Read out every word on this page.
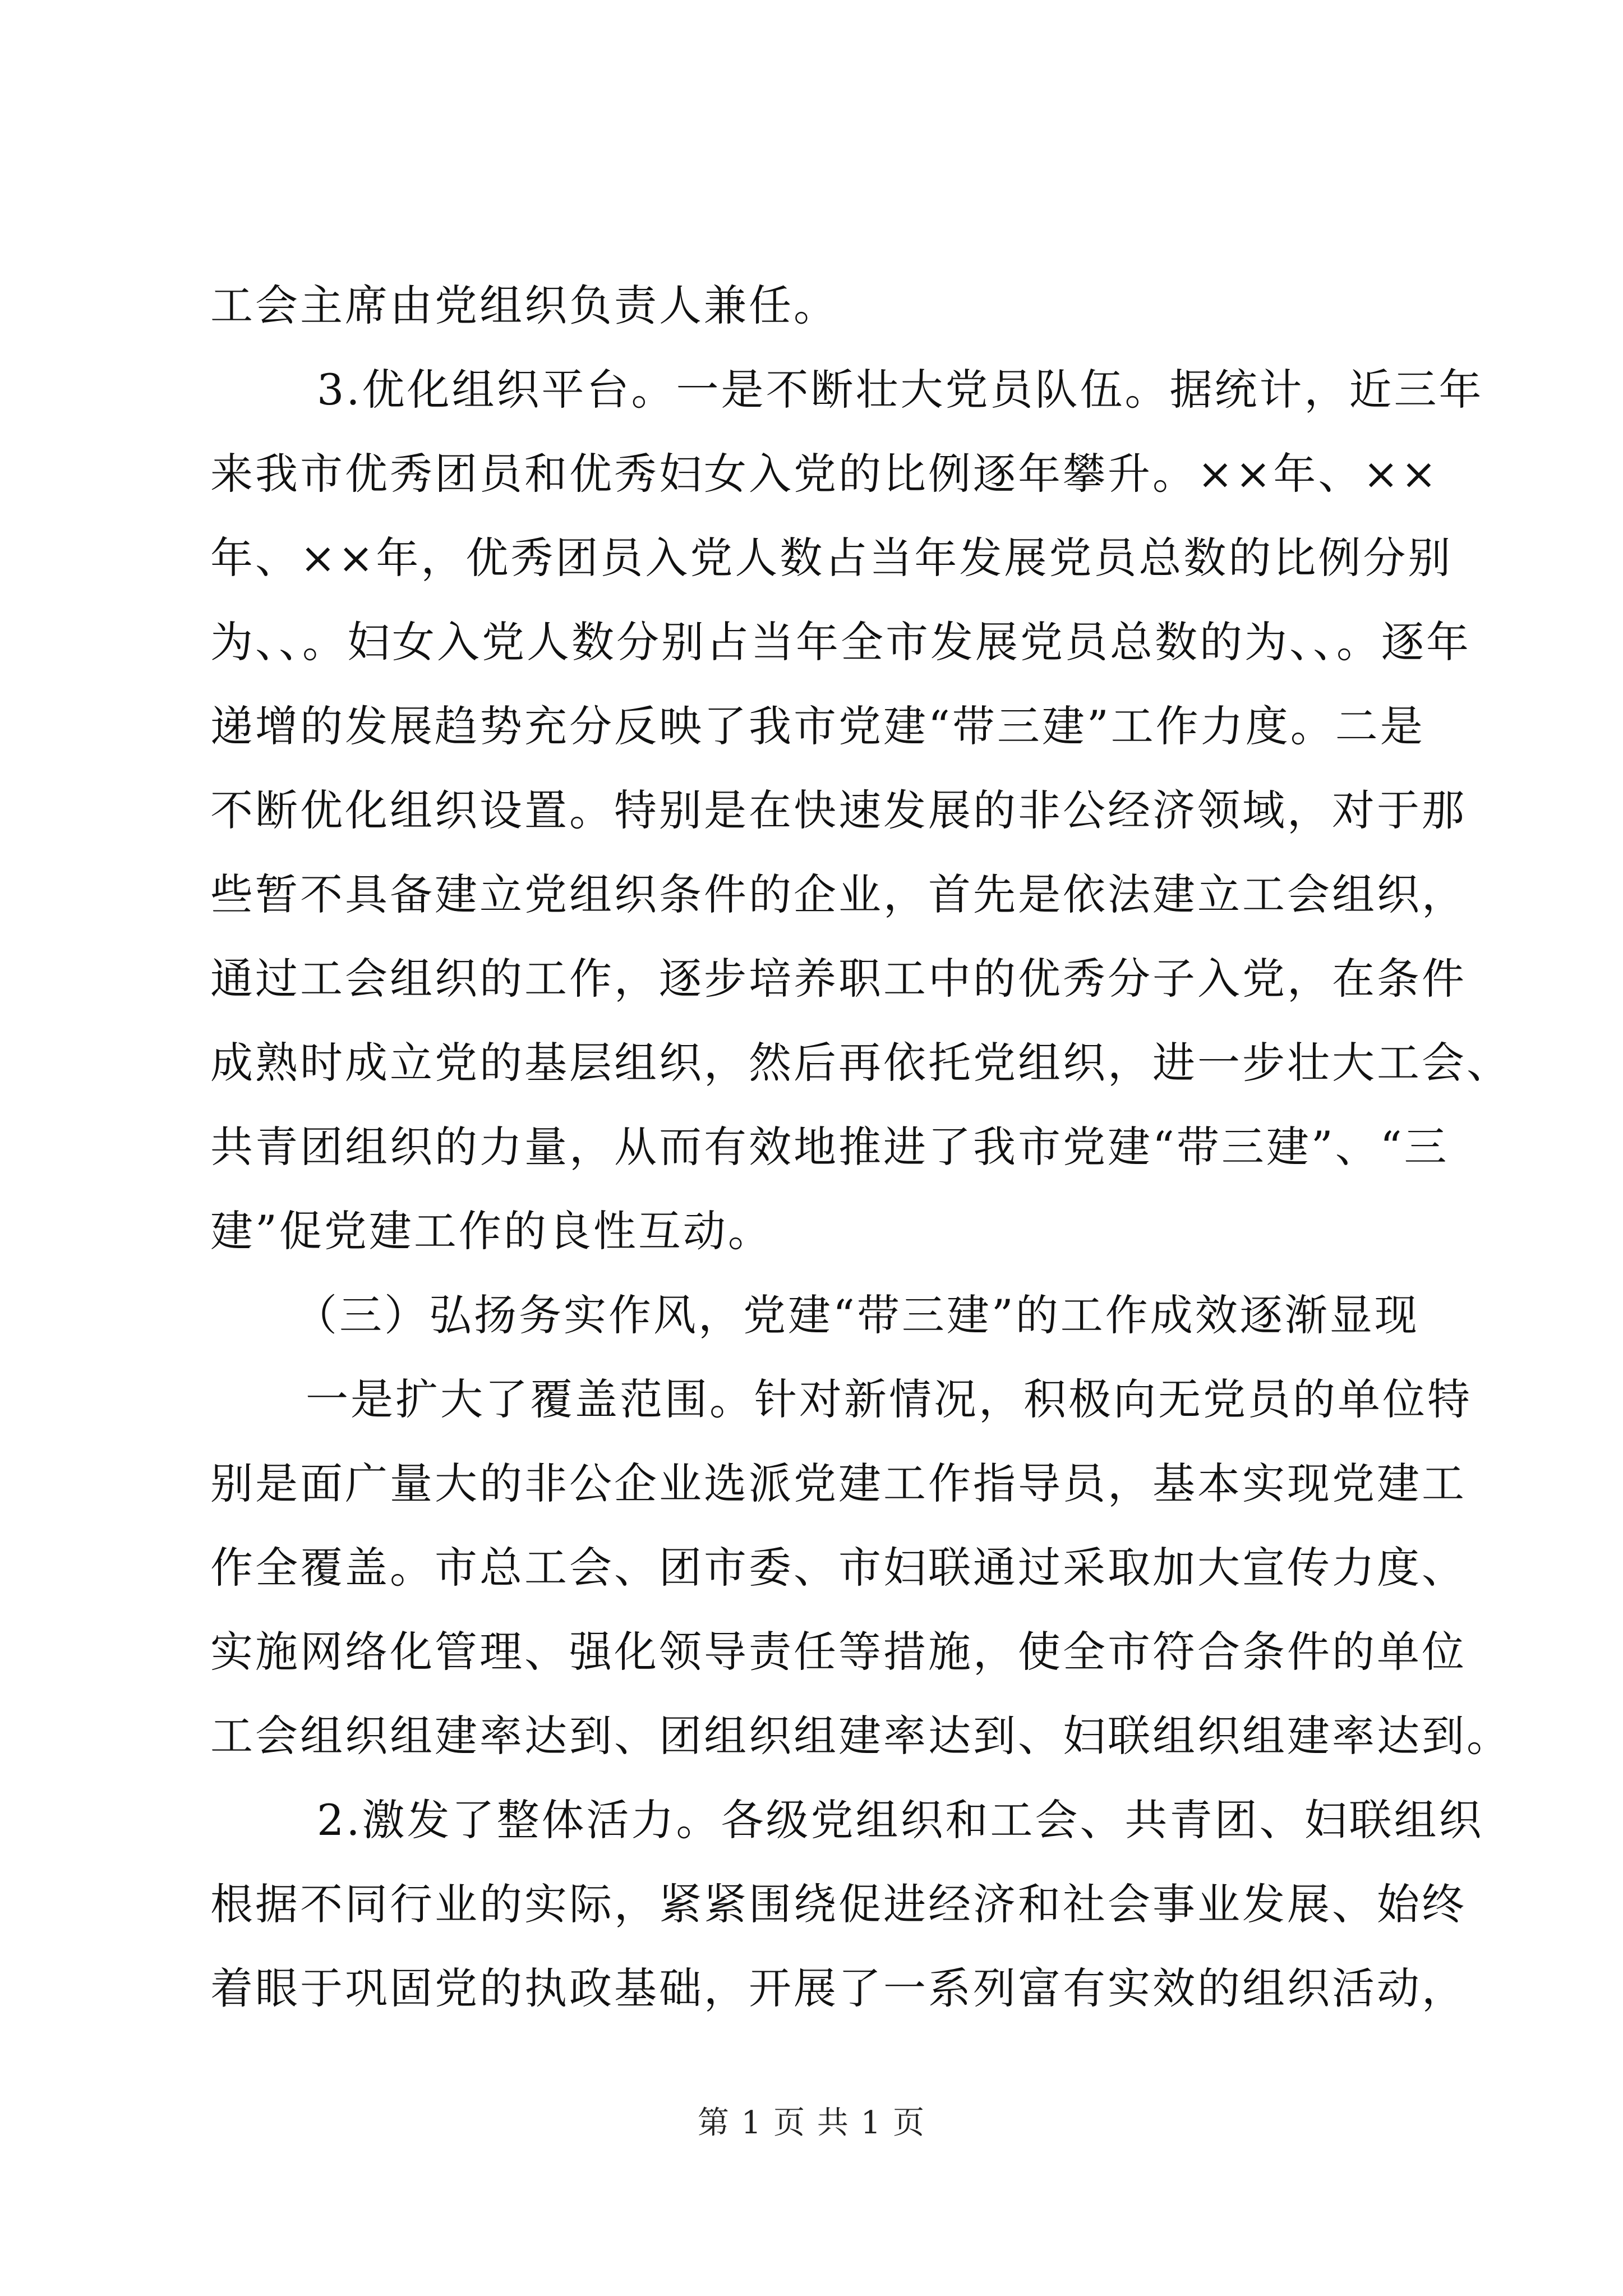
工会主席由党组织负责人兼任。
3.优化组织平台。一是不断壮大党员队伍。据统计，近三年
来我市优秀团员和优秀妇女入党的比例逐年攀升。××年、××
年、××年，优秀团员入党人数占当年发展党员总数的比例分别
为、、。妇女入党人数分别占当年全市发展党员总数的为、、。逐年
递增的发展趋势充分反映了我市党建“带三建”工作力度。二是
不断优化组织设置。特别是在快速发展的非公经济领域，对于那
些暂不具备建立党组织条件的企业，首先是依法建立工会组织，
通过工会组织的工作，逐步培养职工中的优秀分子入党，在条件
成熟时成立党的基层组织，然后再依托党组织，进一步壮大工会、
共青团组织的力量，从而有效地推进了我市党建“带三建”、“三
建”促党建工作的良性互动。
（三）弘扬务实作风，党建“带三建”的工作成效逐渐显现
一是扩大了覆盖范围。针对新情况，积极向无党员的单位特
别是面广量大的非公企业选派党建工作指导员，基本实现党建工
作全覆盖。市总工会、团市委、市妇联通过采取加大宣传力度、
实施网络化管理、强化领导责任等措施，使全市符合条件的单位
工会组织组建率达到、团组织组建率达到、妇联组织组建率达到。
2.激发了整体活力。各级党组织和工会、共青团、妇联组织
根据不同行业的实际，紧紧围绕促进经济和社会事业发展、始终
着眼于巩固党的执政基础，开展了一系列富有实效的组织活动，
第 1 页 共 1 页
